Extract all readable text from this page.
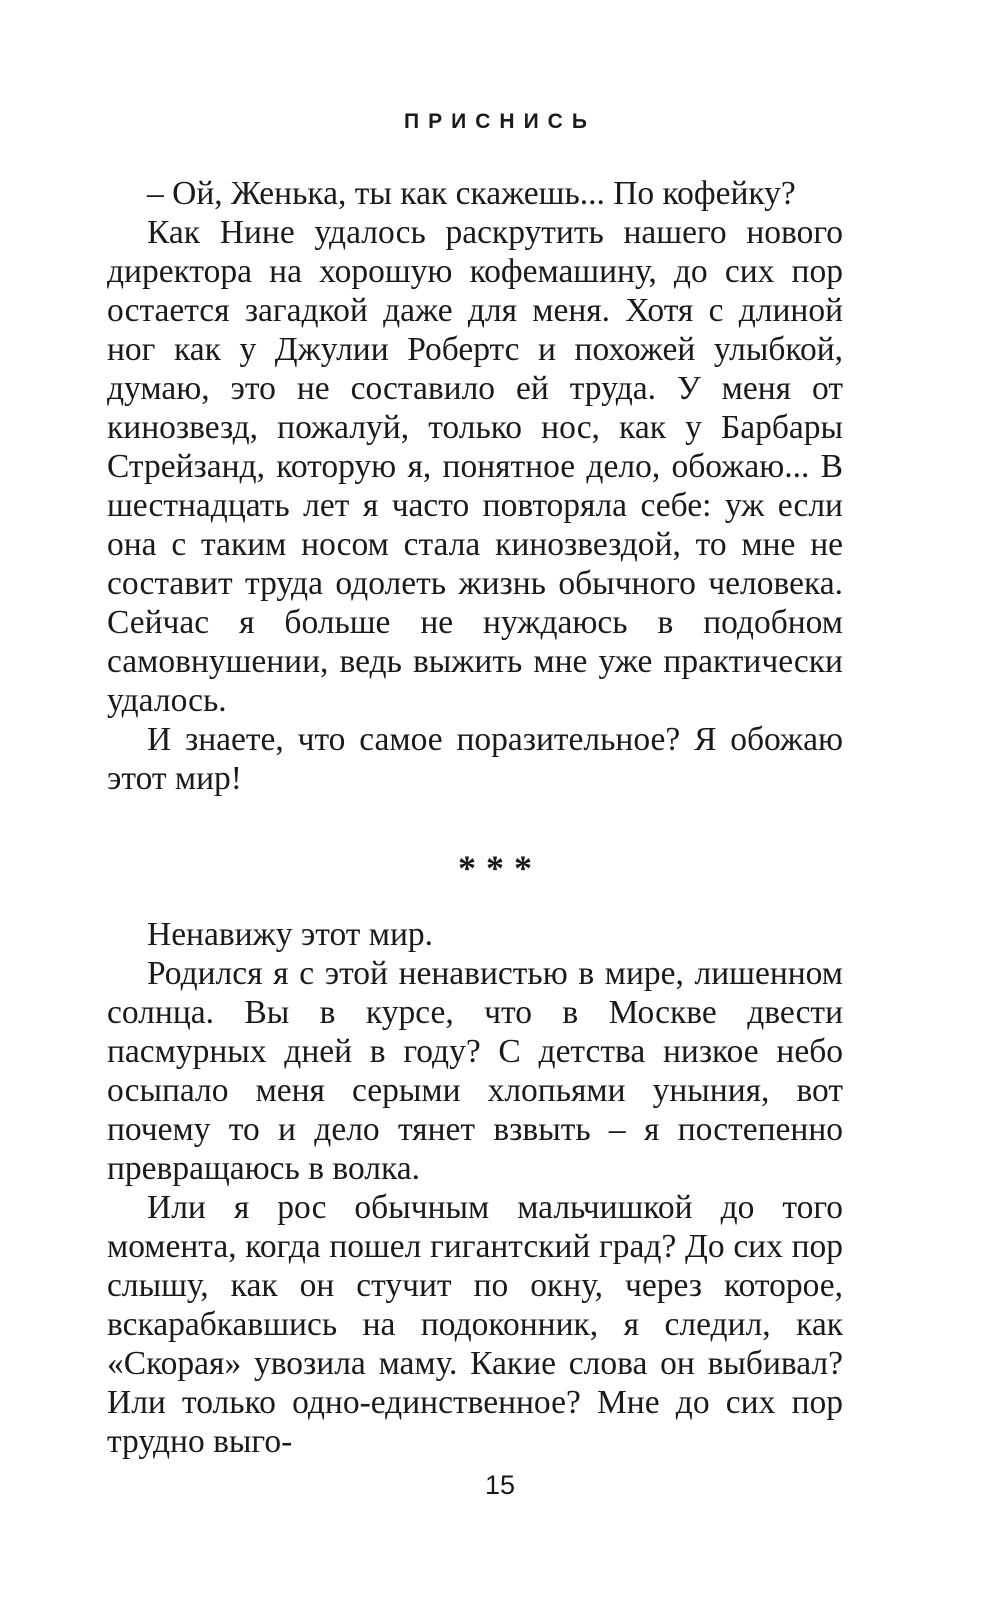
ПРИСНИСЬ

– Ой, Женька, ты как скажешь... По кофейку?

Как Нине удалось раскрутить нашего нового директора на хорошую кофемашину, до сих пор остается загадкой даже для меня. Хотя с длиной ног как у Джулии Робертс и похожей улыбкой, думаю, это не составило ей труда. У меня от кинозвезд, пожалуй, только нос, как у Барбары Стрейзанд, которую я, понятное дело, обожаю... В шестнадцать лет я часто повторяла себе: уж если она с таким носом стала кинозвездой, то мне не составит труда одолеть жизнь обычного человека. Сейчас я больше не нуждаюсь в подобном самовнушении, ведь выжить мне уже практически удалось.

И знаете, что самое поразительное? Я обожаю этот мир!

***

Ненавижу этот мир.

Родился я с этой ненавистью в мире, лишенном солнца. Вы в курсе, что в Москве двести пасмурных дней в году? С детства низкое небо осыпало меня серыми хлопьями уныния, вот почему то и дело тянет взвыть – я постепенно превращаюсь в волка.

Или я рос обычным мальчишкой до того момента, когда пошел гигантский град? До сих пор слышу, как он стучит по окну, через которое, вскарабкавшись на подоконник, я следил, как «Скорая» увозила маму. Какие слова он выбивал? Или только одно-единственное? Мне до сих пор трудно выго-

15
